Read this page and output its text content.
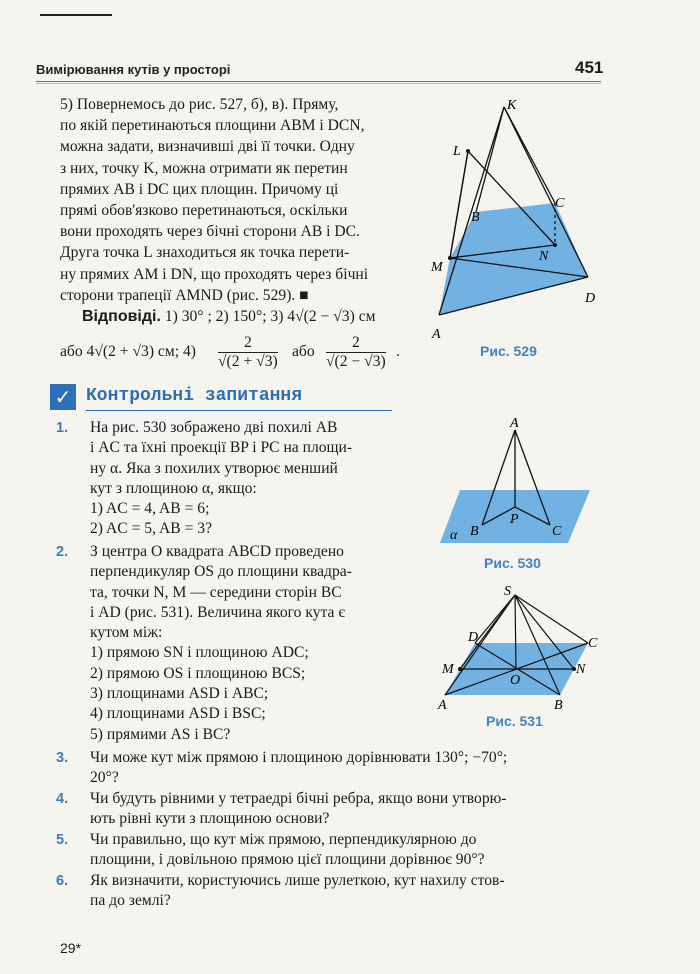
Вимірювання кутів у просторі	451
5) Повернемось до рис. 527, б), в). Пряму,
по якій перетинаються площини ABM і DCN,
можна задати, визначивші дві її точки. Одну
з них, точку K, можна отримати як перетин
прямих AB і DC цих площин. Причому ці
прямі обов'язково перетинаються, оскільки
вони проходять через бічні сторони AB і DC.
Друга точка L знаходиться як точка перети-
ну прямих AM і DN, що проходять через бічні
сторони трапеції AMND (рис. 529). ■
Відповіді. 1) 30° ; 2) 150°; 3) 4√(2 − √3) см
або 4√(2 + √3) см; $4) \frac{2}{√(2 + √3)}$ або $\frac{2}{√(2 - √3)}$ .
K
L
B
C
N
M
D
A
Рис. 529
✓ Контрольні запитання
A
α B
P
C
Рис. 530
S
D	C
M	N
O
A	B
Рис. 531
1. На рис. 530 зображено дві похилі AB
і AC та їхні проекції BP і PC на площи-
ну α. Яка з похилих утворює менший
кут з площиною α, якщо:
1) AC = 4, AB = 6;
2) AC = 5, AB = 3?
2. З центра O квадрата ABCD проведено
перпендикуляр OS до площини квадра-
та, точки N, M — середини сторін BC
і AD (рис. 531). Величина якого кута є
кутом між:
1) прямою SN і площиною ADC;
2) прямою OS і площиною BCS;
3) площинами ASD і ABC;
4) площинами ASD і BSC;
5) прямими AS і BC?
3. Чи може кут між прямою і площиною дорівнювати 130°; −70°;
20°?
4. Чи будуть рівними у тетраедрі бічні ребра, якщо вони утворю-
ють рівні кути з площиною основи?
5. Чи правильно, що кут між прямою, перпендикулярною до
площини, і довільною прямою цієї площини дорівнює 90°?
6. Як визначити, користуючись лише рулеткою, кут нахилу стов-
па до землі?
29*
